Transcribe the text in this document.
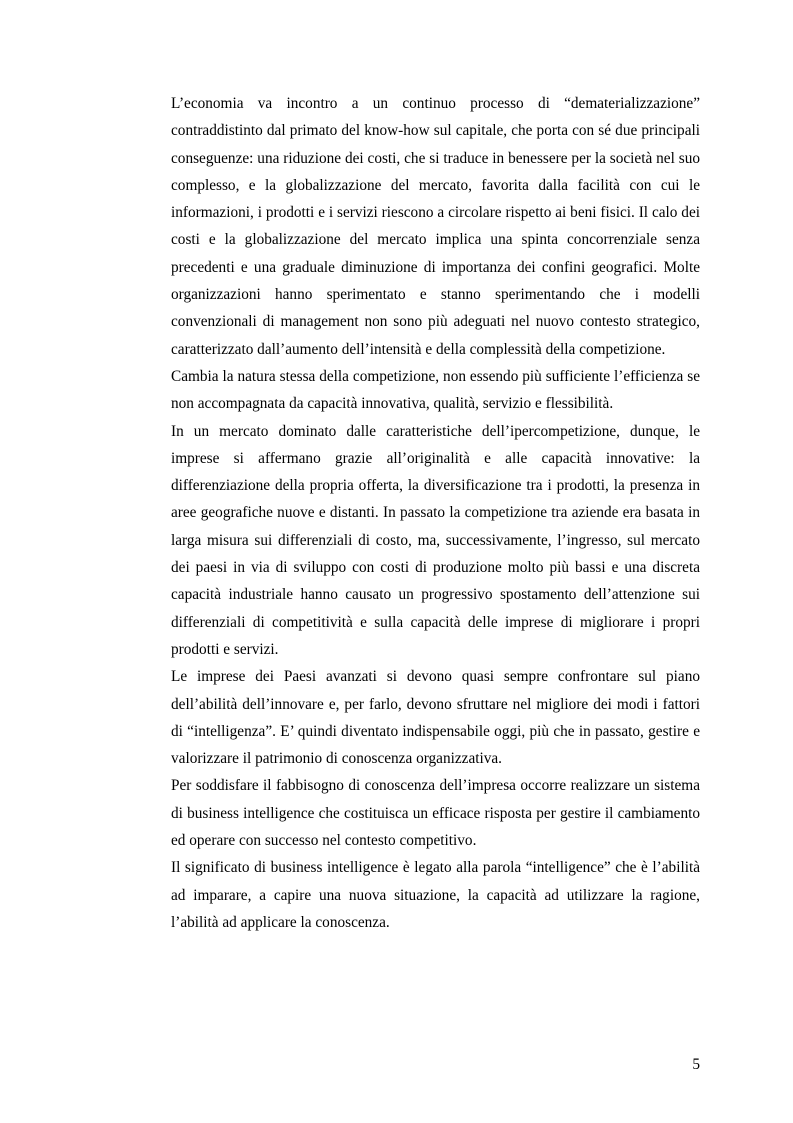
L’economia va incontro a un continuo processo di “dematerializzazione” contraddistinto dal primato del know-how sul capitale, che porta con sé due principali conseguenze: una riduzione dei costi, che si traduce in benessere per la società nel suo complesso, e la globalizzazione del mercato, favorita dalla facilità con cui le informazioni, i prodotti e i servizi riescono a circolare rispetto ai beni fisici. Il calo dei costi e la globalizzazione del mercato implica una spinta concorrenziale senza precedenti e una graduale diminuzione di importanza dei confini geografici. Molte organizzazioni hanno sperimentato e stanno sperimentando che i modelli convenzionali di management non sono più adeguati nel nuovo contesto strategico, caratterizzato dall’aumento dell’intensità e della complessità della competizione.

Cambia la natura stessa della competizione, non essendo più sufficiente l’efficienza se non accompagnata da capacità innovativa, qualità, servizio e flessibilità.

In un mercato dominato dalle caratteristiche dell’ipercompetizione, dunque, le imprese si affermano grazie all’originalità e alle capacità innovative: la differenziazione della propria offerta, la diversificazione tra i prodotti, la presenza in aree geografiche nuove e distanti. In passato la competizione tra aziende era basata in larga misura sui differenziali di costo, ma, successivamente, l’ingresso, sul mercato dei paesi in via di sviluppo con costi di produzione molto più bassi e una discreta capacità industriale hanno causato un progressivo spostamento dell’attenzione sui differenziali di competitività e sulla capacità delle imprese di migliorare i propri prodotti e servizi.

Le imprese dei Paesi avanzati si devono quasi sempre confrontare sul piano dell’abilità dell’innovare e, per farlo, devono sfruttare nel migliore dei modi i fattori di “intelligenza”. E’ quindi diventato indispensabile oggi, più che in passato, gestire e valorizzare il patrimonio di conoscenza organizzativa.

Per soddisfare il fabbisogno di conoscenza dell’impresa occorre realizzare un sistema di business intelligence che costituisca un efficace risposta per gestire il cambiamento ed operare con successo nel contesto competitivo.

Il significato di business intelligence è legato alla parola “intelligence” che è l’abilità ad imparare, a capire una nuova situazione, la capacità ad utilizzare la ragione, l’abilità ad applicare la conoscenza.

5
